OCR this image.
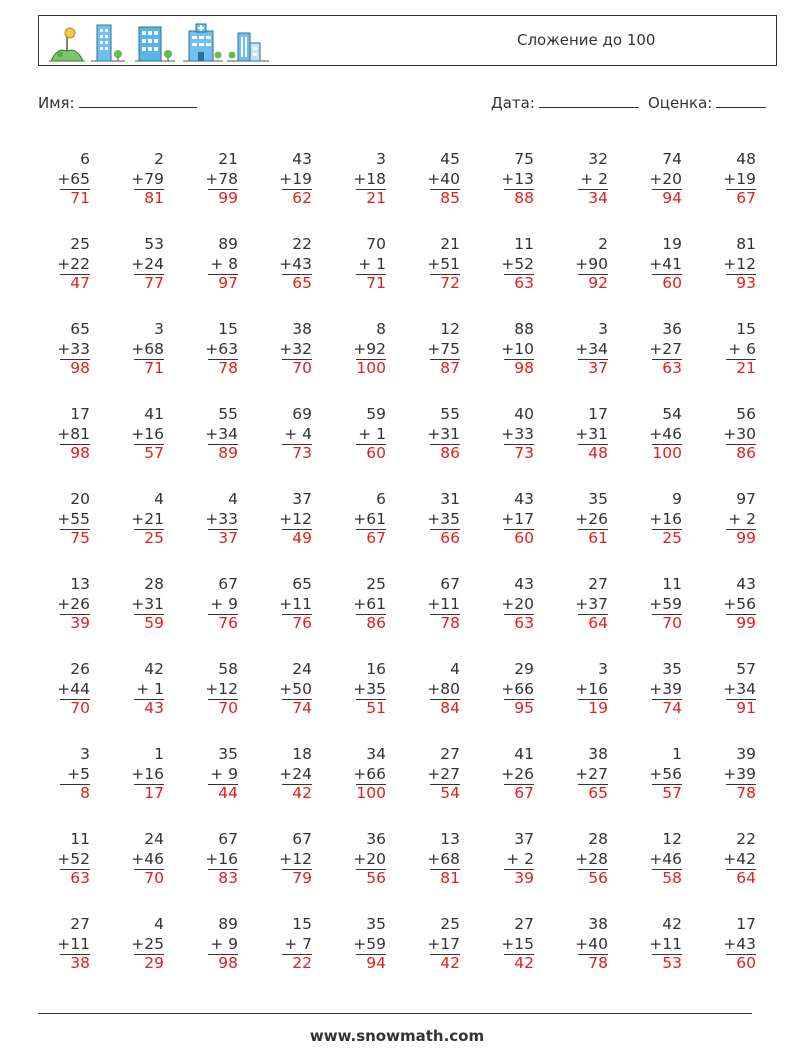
Сложение до 100
Имя:	Дата:	Оценка:
6
+65
71
2
+79
81
21
+78
99
43
+19
62
3
+18
21
45
+40
85
75
+13
88
32
+ 2
34
74
+20
94
48
+19
67
25
+22
47
53
+24
77
89
+ 8
97
22
+43
65
70
+ 1
71
21
+51
72
11
+52
63
2
+90
92
19
+41
60
81
+12
93
65
+33
98
3
+68
71
15
+63
78
38
+32
70
8
+92
100
12
+75
87
88
+10
98
3
+34
37
36
+27
63
15
+ 6
21
17
+81
98
41
+16
57
55
+34
89
69
+ 4
73
59
+ 1
60
55
+31
86
40
+33
73
17
+31
48
54
+46
100
56
+30
86
20
+55
75
4
+21
25
4
+33
37
37
+12
49
6
+61
67
31
+35
66
43
+17
60
35
+26
61
9
+16
25
97
+ 2
99
13
+26
39
28
+31
59
67
+ 9
76
65
+11
76
25
+61
86
67
+11
78
43
+20
63
27
+37
64
11
+59
70
43
+56
99
26
+44
70
42
+ 1
43
58
+12
70
24
+50
74
16
+35
51
4
+80
84
29
+66
95
3
+16
19
35
+39
74
57
+34
91
3
+5
8
1
+16
17
35
+ 9
44
18
+24
42
34
+66
100
27
+27
54
41
+26
67
38
+27
65
1
+56
57
39
+39
78
11
+52
63
24
+46
70
67
+16
83
67
+12
79
36
+20
56
13
+68
81
37
+ 2
39
28
+28
56
12
+46
58
22
+42
64
27
+11
38
4
+25
29
89
+ 9
98
15
+ 7
22
35
+59
94
25
+17
42
27
+15
42
38
+40
78
42
+11
53
17
+43
60
www.snowmath.com
